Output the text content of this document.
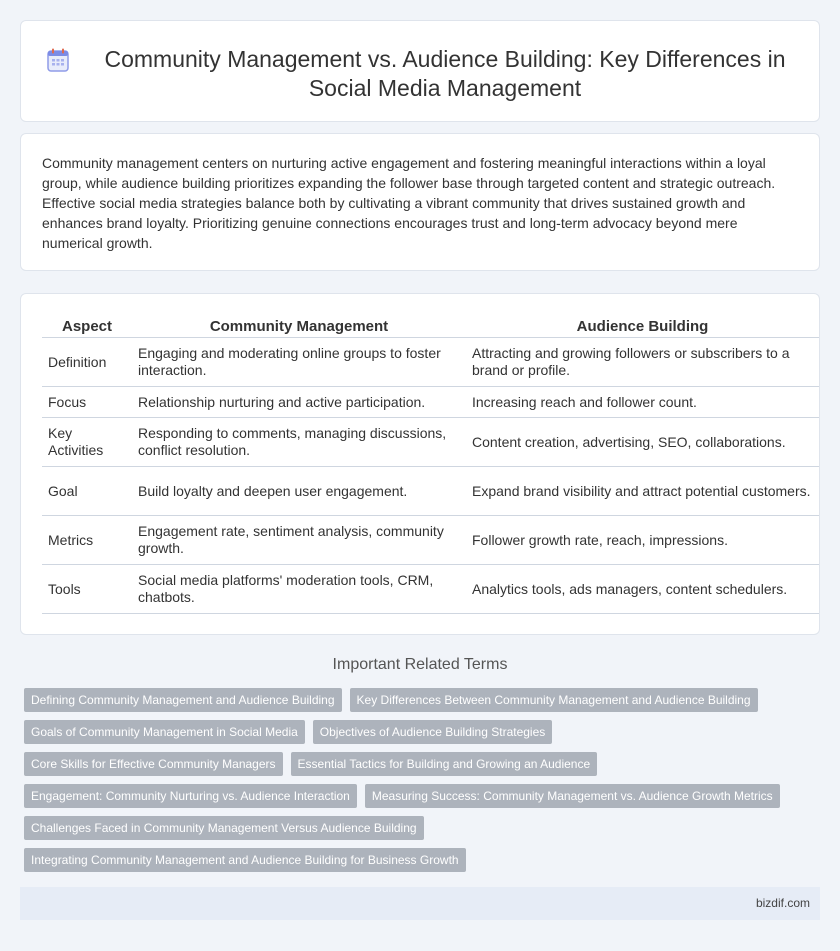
Community Management vs. Audience Building: Key Differences in Social Media Management

Community management centers on nurturing active engagement and fostering meaningful interactions within a loyal group, while audience building prioritizes expanding the follower base through targeted content and strategic outreach. Effective social media strategies balance both by cultivating a vibrant community that drives sustained growth and enhances brand loyalty. Prioritizing genuine connections encourages trust and long-term advocacy beyond mere numerical growth.

Aspect	Community Management	Audience Building
Definition	Engaging and moderating online groups to foster interaction.	Attracting and growing followers or subscribers to a brand or profile.
Focus	Relationship nurturing and active participation.	Increasing reach and follower count.
Key Activities	Responding to comments, managing discussions, conflict resolution.	Content creation, advertising, SEO, collaborations.
Goal	Build loyalty and deepen user engagement.	Expand brand visibility and attract potential customers.
Metrics	Engagement rate, sentiment analysis, community growth.	Follower growth rate, reach, impressions.
Tools	Social media platforms' moderation tools, CRM, chatbots.	Analytics tools, ads managers, content schedulers.
Important Related Terms
Defining Community Management and Audience Building	Key Differences Between Community Management and Audience Building
Goals of Community Management in Social Media	Objectives of Audience Building Strategies
Core Skills for Effective Community Managers	Essential Tactics for Building and Growing an Audience
Engagement: Community Nurturing vs. Audience Interaction	Measuring Success: Community Management vs. Audience Growth Metrics
Challenges Faced in Community Management Versus Audience Building
Integrating Community Management and Audience Building for Business Growth
bizdif.com
